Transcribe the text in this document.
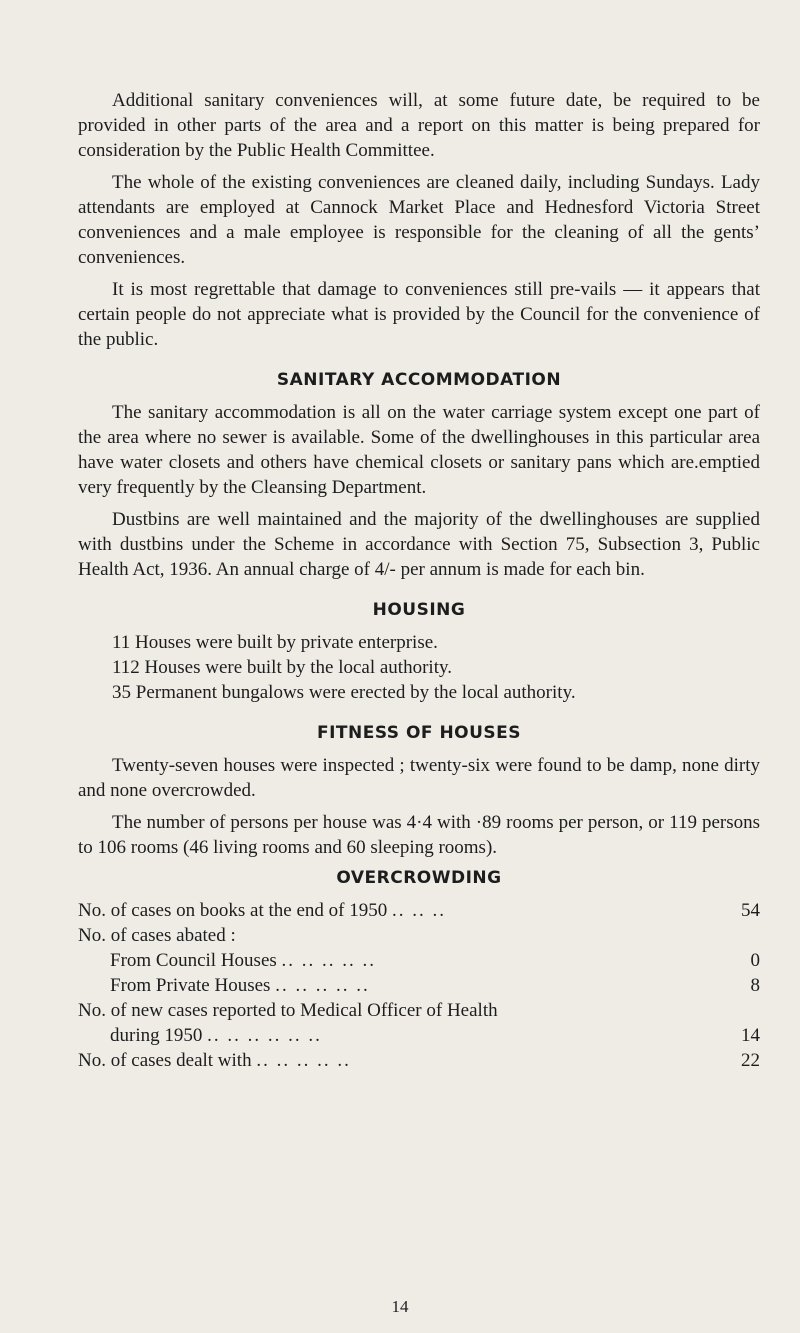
Additional sanitary conveniences will, at some future date, be required to be provided in other parts of the area and a report on this matter is being prepared for consideration by the Public Health Committee.
The whole of the existing conveniences are cleaned daily, including Sundays. Lady attendants are employed at Cannock Market Place and Hednesford Victoria Street conveniences and a male employee is responsible for the cleaning of all the gents’ conveniences.
It is most regrettable that damage to conveniences still pre-vails — it appears that certain people do not appreciate what is provided by the Council for the convenience of the public.
SANITARY ACCOMMODATION
The sanitary accommodation is all on the water carriage system except one part of the area where no sewer is available. Some of the dwellinghouses in this particular area have water closets and others have chemical closets or sanitary pans which are.emptied very frequently by the Cleansing Department.
Dustbins are well maintained and the majority of the dwellinghouses are supplied with dustbins under the Scheme in accordance with Section 75, Subsection 3, Public Health Act, 1936. An annual charge of 4/- per annum is made for each bin.
HOUSING
11 Houses were built by private enterprise.
112 Houses were built by the local authority.
35 Permanent bungalows were erected by the local authority.
FITNESS OF HOUSES
Twenty-seven houses were inspected ; twenty-six were found to be damp, none dirty and none overcrowded.
The number of persons per house was 4·4 with ·89 rooms per person, or 119 persons to 106 rooms (46 living rooms and 60 sleeping rooms).
OVERCROWDING
No. of cases on books at the end of 1950 .. .. ..	54
No. of cases abated :
From Council Houses .. .. .. .. ..	0
From Private Houses .. .. .. .. ..	8
No. of new cases reported to Medical Officer of Health
during 1950 .. .. .. .. .. ..	14
No. of cases dealt with .. .. .. .. ..	22
14
